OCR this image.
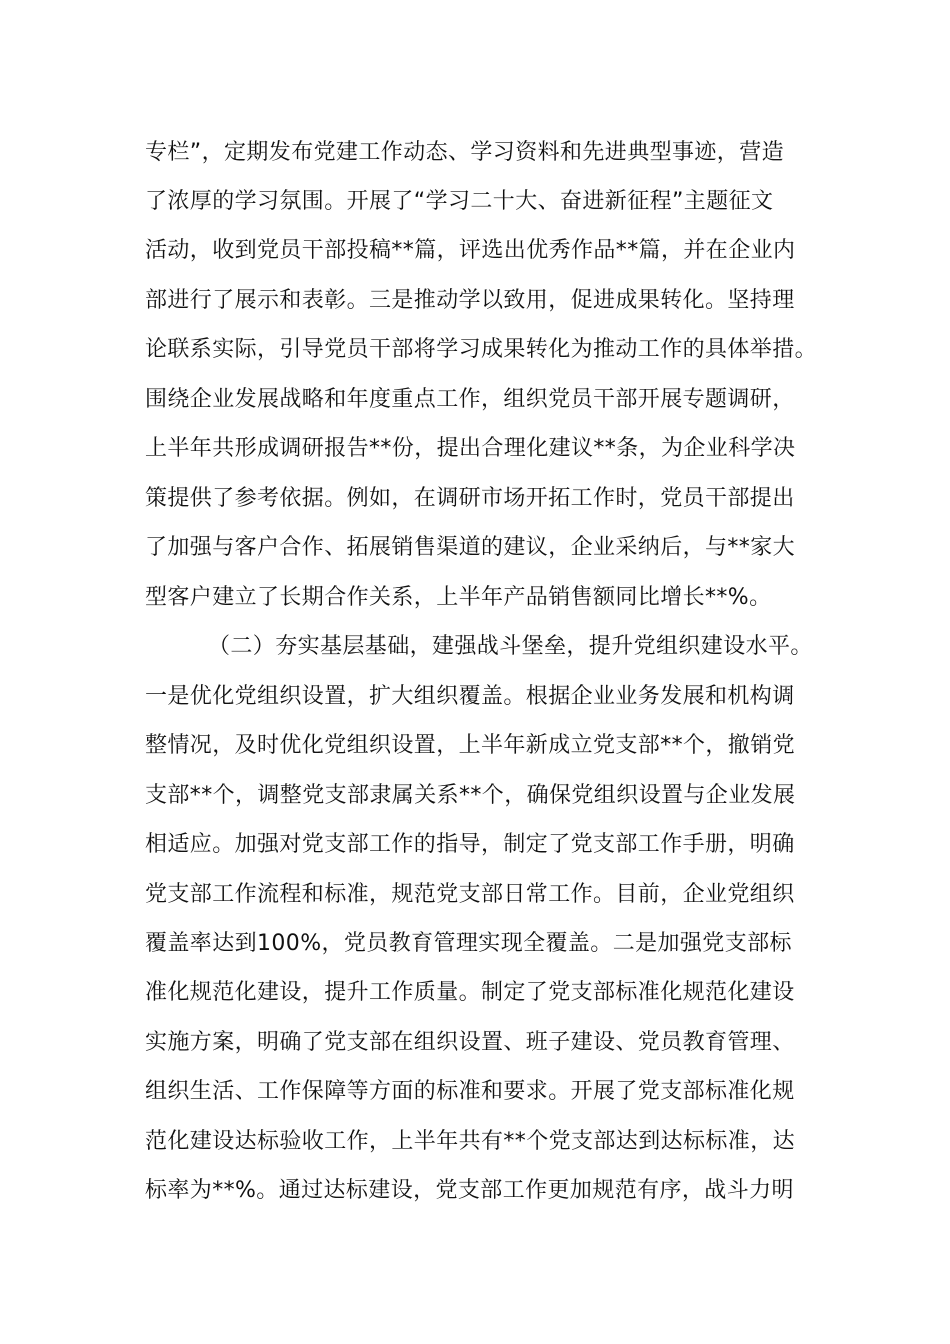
专栏”，定期发布党建工作动态、学习资料和先进典型事迹，营造
了浓厚的学习氛围。开展了“学习二十大、奋进新征程”主题征文
活动，收到党员干部投稿**篇，评选出优秀作品**篇，并在企业内
部进行了展示和表彰。三是推动学以致用，促进成果转化。坚持理
论联系实际，引导党员干部将学习成果转化为推动工作的具体举措。
围绕企业发展战略和年度重点工作，组织党员干部开展专题调研，
上半年共形成调研报告**份，提出合理化建议**条，为企业科学决
策提供了参考依据。例如，在调研市场开拓工作时，党员干部提出
了加强与客户合作、拓展销售渠道的建议，企业采纳后，与**家大
型客户建立了长期合作关系，上半年产品销售额同比增长**%。
（二）夯实基层基础，建强战斗堡垒，提升党组织建设水平。
一是优化党组织设置，扩大组织覆盖。根据企业业务发展和机构调
整情况，及时优化党组织设置，上半年新成立党支部**个，撤销党
支部**个，调整党支部隶属关系**个，确保党组织设置与企业发展
相适应。加强对党支部工作的指导，制定了党支部工作手册，明确
党支部工作流程和标准，规范党支部日常工作。目前，企业党组织
覆盖率达到100%，党员教育管理实现全覆盖。二是加强党支部标
准化规范化建设，提升工作质量。制定了党支部标准化规范化建设
实施方案，明确了党支部在组织设置、班子建设、党员教育管理、
组织生活、工作保障等方面的标准和要求。开展了党支部标准化规
范化建设达标验收工作，上半年共有**个党支部达到达标标准，达
标率为**%。通过达标建设，党支部工作更加规范有序，战斗力明
